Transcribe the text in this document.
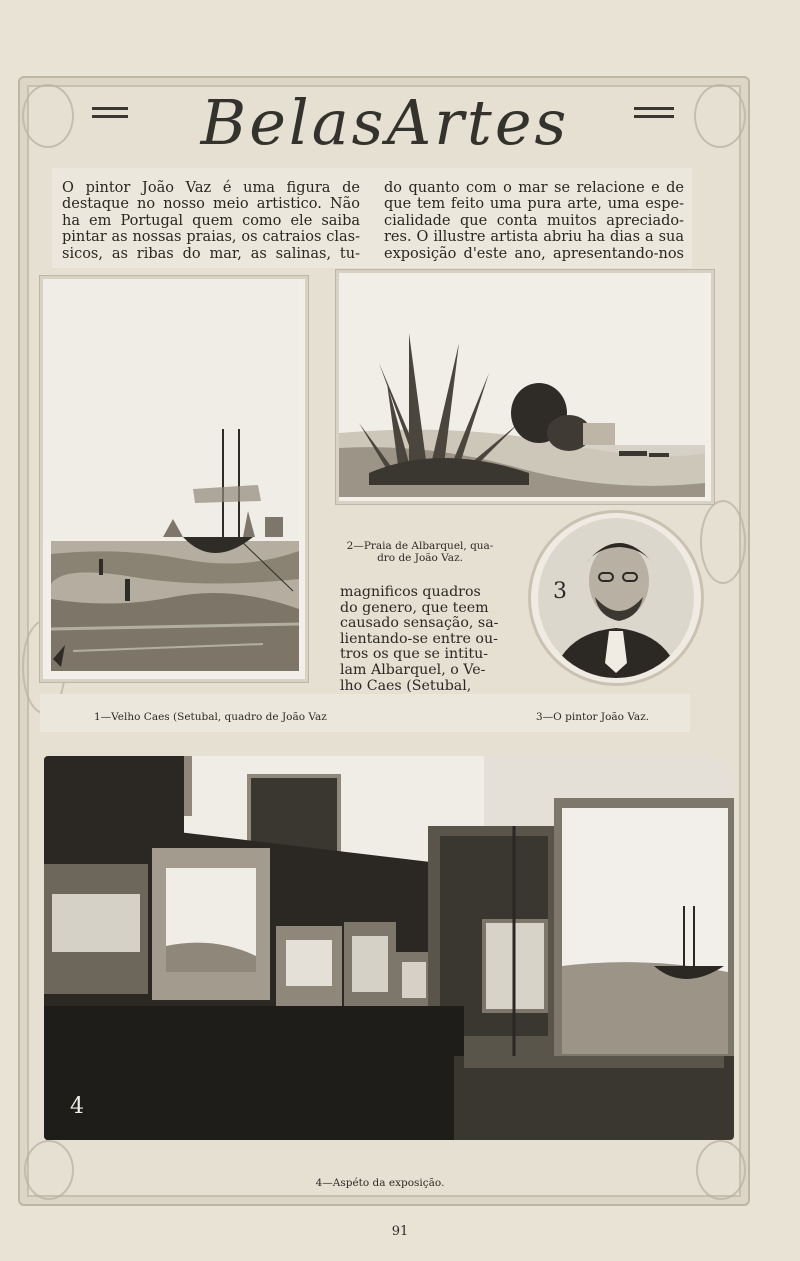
BelasArtes
O pintor João Vaz é uma figura de
destaque no nosso meio artistico. Não
ha em Portugal quem como ele saiba
pintar as nossas praias, os catraios clas-
sicos, as ribas do mar, as salinas, tu-
do quanto com o mar se relacione e de
que tem feito uma pura arte, uma espe-
cialidade que conta muitos apreciado-
res. O illustre artista abriu ha dias a sua
exposição d'este ano, apresentando-nos
2—Praia de Albarquel, qua-
dro de João Vaz.
magnificos quadros
do genero, que teem
causado sensação, sa-
lientando-se entre ou-
tros os que se intitu-
lam Albarquel, o Ve-
lho Caes (Setubal,
3
1—Velho Caes (Setubal, quadro de João Vaz	3—O pintor João Vaz.
4
4—Aspéto da exposição.
91
